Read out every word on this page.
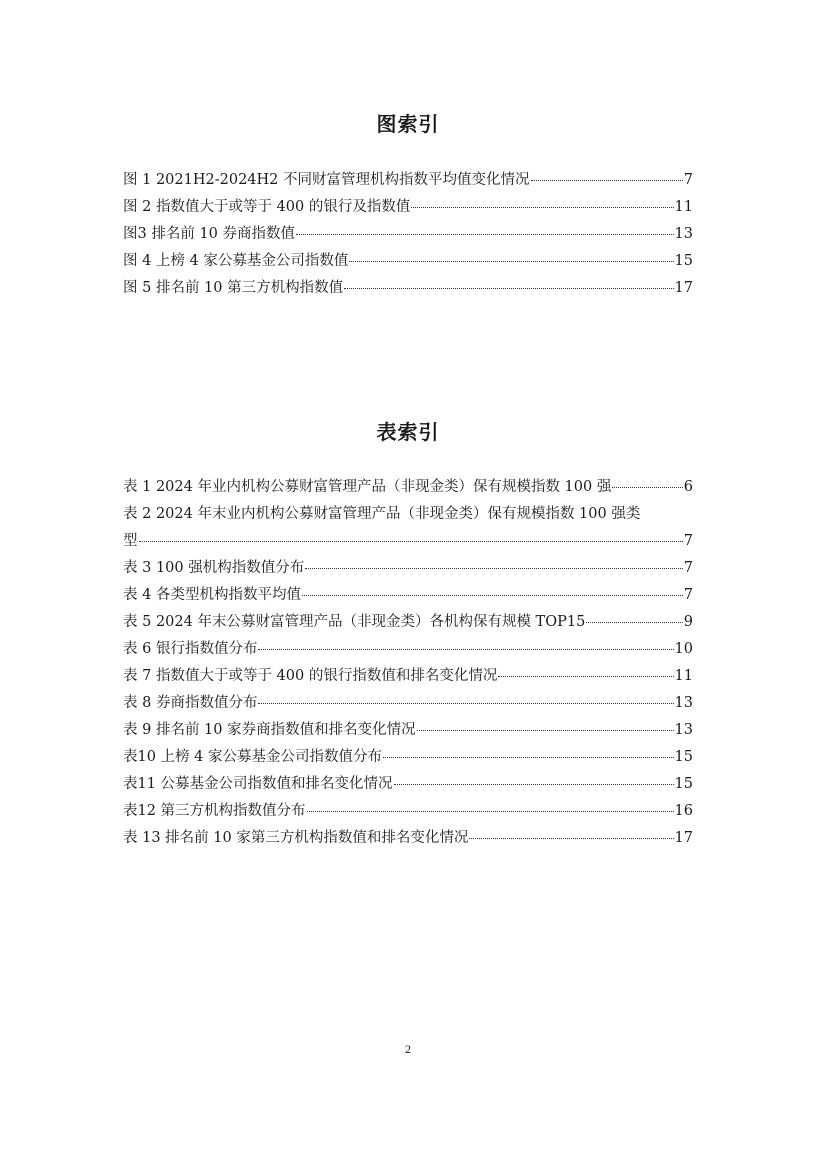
图索引
图 1 2021H2-2024H2 不同财富管理机构指数平均值变化情况	7
图 2 指数值大于或等于 400 的银行及指数值	11
图3 排名前 10 券商指数值	13
图 4 上榜 4 家公募基金公司指数值	15
图 5 排名前 10 第三方机构指数值	17
表索引
表 1 2024 年业内机构公募财富管理产品（非现金类）保有规模指数 100 强	6
表 2 2024 年末业内机构公募财富管理产品（非现金类）保有规模指数 100 强类
型	7
表 3 100 强机构指数值分布	7
表 4 各类型机构指数平均值	7
表 5 2024 年末公募财富管理产品（非现金类）各机构保有规模 TOP15	9
表 6 银行指数值分布	10
表 7 指数值大于或等于 400 的银行指数值和排名变化情况	11
表 8 券商指数值分布	13
表 9 排名前 10 家券商指数值和排名变化情况	13
表10 上榜 4 家公募基金公司指数值分布	15
表11 公募基金公司指数值和排名变化情况	15
表12 第三方机构指数值分布	16
表 13 排名前 10 家第三方机构指数值和排名变化情况	17
2
